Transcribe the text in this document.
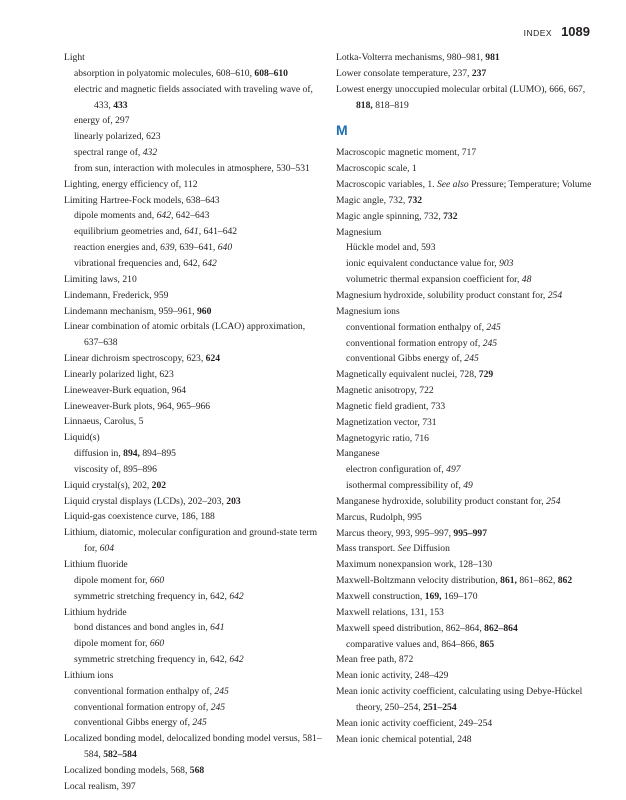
INDEX 1089

Light

absorption in polyatomic molecules, 608–610, 608–610

electric and magnetic fields associated with traveling wave of, 433, 433

energy of, 297

linearly polarized, 623

spectral range of, 432

from sun, interaction with molecules in atmosphere, 530–531

Lighting, energy efficiency of, 112

Limiting Hartree-Fock models, 638–643

dipole moments and, 642, 642–643

equilibrium geometries and, 641, 641–642

reaction energies and, 639, 639–641, 640

vibrational frequencies and, 642, 642

Limiting laws, 210

Lindemann, Frederick, 959

Lindemann mechanism, 959–961, 960

Linear combination of atomic orbitals (LCAO) approximation, 637–638

Linear dichroism spectroscopy, 623, 624

Linearly polarized light, 623

Lineweaver-Burk equation, 964

Lineweaver-Burk plots, 964, 965–966

Linnaeus, Carolus, 5

Liquid(s)

diffusion in, 894, 894–895

viscosity of, 895–896

Liquid crystal(s), 202, 202

Liquid crystal displays (LCDs), 202–203, 203

Liquid-gas coexistence curve, 186, 188

Lithium, diatomic, molecular configuration and ground-state term for, 604

Lithium fluoride

dipole moment for, 660

symmetric stretching frequency in, 642, 642

Lithium hydride

bond distances and bond angles in, 641

dipole moment for, 660

symmetric stretching frequency in, 642, 642

Lithium ions

conventional formation enthalpy of, 245

conventional formation entropy of, 245

conventional Gibbs energy of, 245

Localized bonding model, delocalized bonding model versus, 581–584, 582–584

Localized bonding models, 568, 568

Local realism, 397

Lotka-Volterra mechanisms, 980–981, 981

Lower consolate temperature, 237, 237

Lowest energy unoccupied molecular orbital (LUMO), 666, 667, 818, 818–819

M

Macroscopic magnetic moment, 717

Macroscopic scale, 1

Macroscopic variables, 1. See also Pressure; Temperature; Volume

Magic angle, 732, 732

Magic angle spinning, 732, 732

Magnesium

Hückle model and, 593

ionic equivalent conductance value for, 903

volumetric thermal expansion coefficient for, 48

Magnesium hydroxide, solubility product constant for, 254

Magnesium ions

conventional formation enthalpy of, 245

conventional formation entropy of, 245

conventional Gibbs energy of, 245

Magnetically equivalent nuclei, 728, 729

Magnetic anisotropy, 722

Magnetic field gradient, 733

Magnetization vector, 731

Magnetogyric ratio, 716

Manganese

electron configuration of, 497

isothermal compressibility of, 49

Manganese hydroxide, solubility product constant for, 254

Marcus, Rudolph, 995

Marcus theory, 993, 995–997, 995–997

Mass transport. See Diffusion

Maximum nonexpansion work, 128–130

Maxwell-Boltzmann velocity distribution, 861, 861–862, 862

Maxwell construction, 169, 169–170

Maxwell relations, 131, 153

Maxwell speed distribution, 862–864, 862–864

comparative values and, 864–866, 865

Mean free path, 872

Mean ionic activity, 248–429

Mean ionic activity coefficient, calculating using Debye-Hückel theory, 250–254, 251–254

Mean ionic activity coefficient, 249–254

Mean ionic chemical potential, 248
